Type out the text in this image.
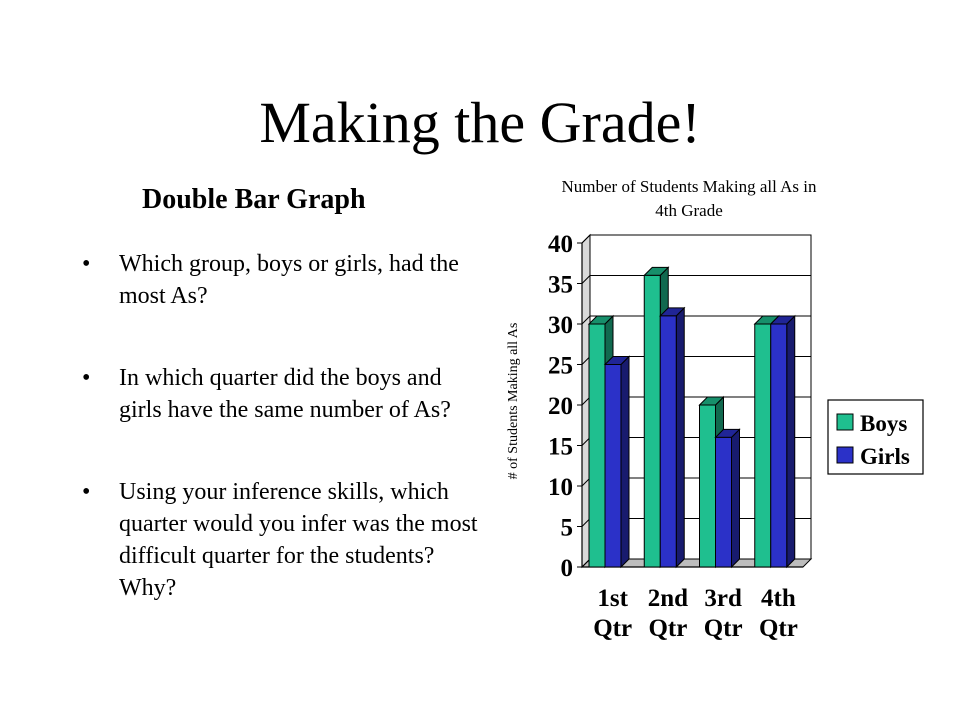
Making the Grade!
Double Bar Graph
• Which group, boys or girls, had the most As?
• In which quarter did the boys and girls have the same number of As?
• Using your inference skills, which quarter would you infer was the most difficult quarter for the students? Why?
Number of Students Making all As in
4th Grade
0
5
10
15
20
25
30
35
40
# of Students Making all As
1st
Qtr
2nd
Qtr
3rd
Qtr
4th
Qtr
Boys
Girls
